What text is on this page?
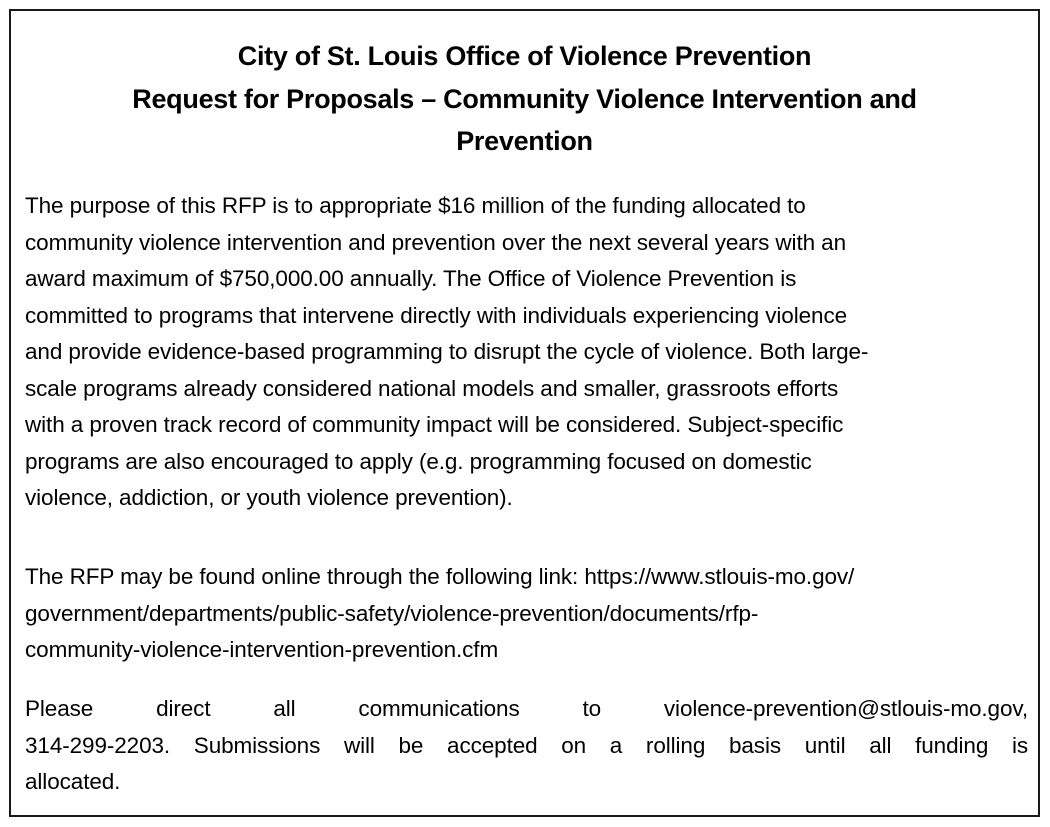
City of St. Louis Office of Violence Prevention
Request for Proposals – Community Violence Intervention and
Prevention
The purpose of this RFP is to appropriate $16 million of the funding allocated to
community violence intervention and prevention over the next several years with an
award maximum of $750,000.00 annually. The Office of Violence Prevention is
committed to programs that intervene directly with individuals experiencing violence
and provide evidence-based programming to disrupt the cycle of violence. Both large-
scale programs already considered national models and smaller, grassroots efforts
with a proven track record of community impact will be considered. Subject-specific
programs are also encouraged to apply (e.g. programming focused on domestic
violence, addiction, or youth violence prevention).
The RFP may be found online through the following link: https://www.stlouis-mo.gov/
government/departments/public-safety/violence-prevention/documents/rfp-
community-violence-intervention-prevention.cfm
Please direct all communications to violence-prevention@stlouis-mo.gov,
314-299-2203. Submissions will be accepted on a rolling basis until all funding is
allocated.
